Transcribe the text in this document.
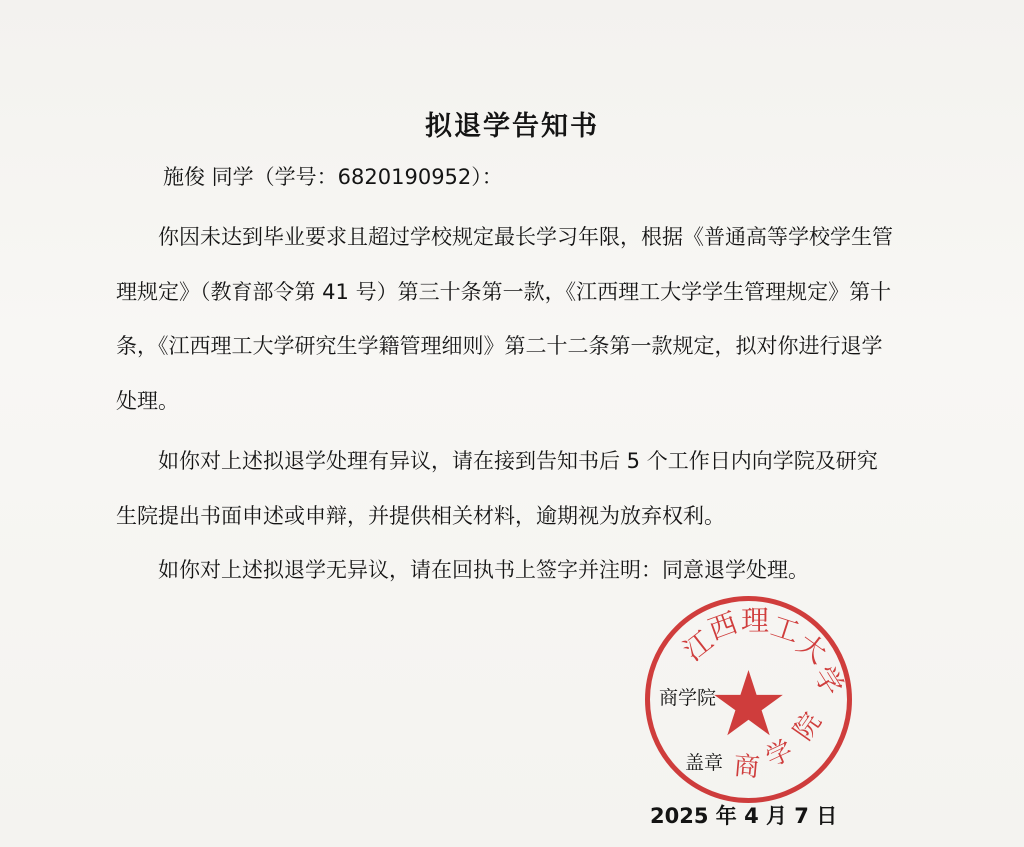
拟退学告知书
施俊 同学（学号：6820190952）：

你因未达到毕业要求且超过学校规定最长学习年限，根据《普通高等学校学生管理规定》（教育部令第 41 号）第三十条第一款，《江西理工大学学生管理规定》第十条，《江西理工大学研究生学籍管理细则》第二十二条第一款规定，拟对你进行退学处理。

如你对上述拟退学处理有异议，请在接到告知书后 5 个工作日内向学院及研究生院提出书面申述或申辩，并提供相关材料，逾期视为放弃权利。

如你对上述拟退学无异议，请在回执书上签字并注明：同意退学处理。

江
西 理
工
大
学
院
学
商
商学院
盖章
2025 年 4 月 7 日
